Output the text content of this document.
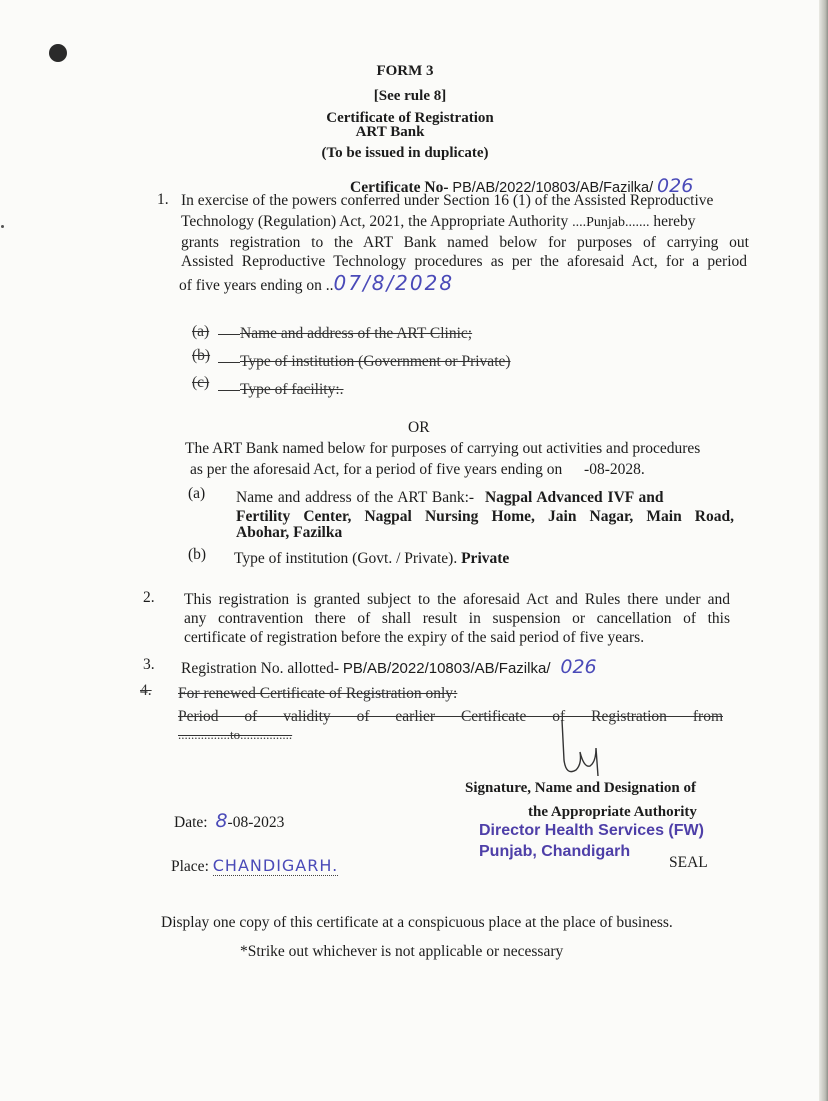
FORM 3
[See rule 8]
Certificate of Registration
ART Bank
(To be issued in duplicate)
Certificate No- PB/AB/2022/10803/AB/Fazilka/ 026
1. In exercise of the powers conferred under Section 16 (1) of the Assisted Reproductive
Technology (Regulation) Act, 2021, the Appropriate Authority ....Punjab....... hereby
grants registration to the ART Bank named below for purposes of carrying out
Assisted Reproductive Technology procedures as per the aforesaid Act, for a period
of five years ending on ..07/8/2028
(a)	Name and address of the ART Clinic;
(b)	Type of institution (Government or Private)
(c)	Type of facility:.
OR
The ART Bank named below for purposes of carrying out activities and procedures
as per the aforesaid Act, for a period of five years ending on -08-2028.
(a) Name and address of the ART Bank:- Nagpal Advanced IVF and
Fertility Center, Nagpal Nursing Home, Jain Nagar, Main Road,
Abohar, Fazilka
(b) Type of institution (Govt. / Private). Private
2. This registration is granted subject to the aforesaid Act and Rules there under and
any contravention there of shall result in suspension or cancellation of this
certificate of registration before the expiry of the said period of five years.
3. Registration No. allotted- PB/AB/2022/10803/AB/Fazilka/ 026
4. For renewed Certificate of Registration only:
Period of validity of earlier Certificate of Registration from
................to................
Signature, Name and Designation of
the Appropriate Authority
Director Health Services (FW)
Punjab, Chandigarh
SEAL
Date: 8-08-2023
Place: CHANDIGARH.
Display one copy of this certificate at a conspicuous place at the place of business.
*Strike out whichever is not applicable or necessary
